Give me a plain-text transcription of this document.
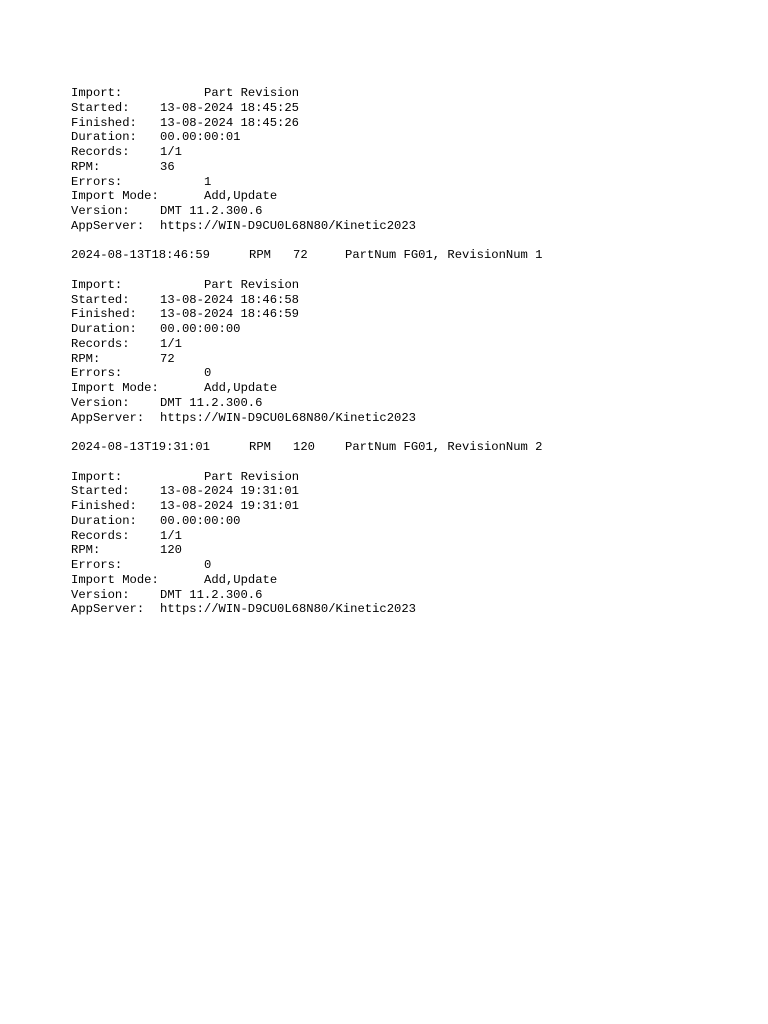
Import:	Part Revision
Started:	13-08-2024 18:45:25
Finished:	13-08-2024 18:45:26
Duration:	00.00:00:01
Records:	1/1
RPM:	36
Errors:	1
Import Mode:	Add,Update
Version:	DMT 11.2.300.6
AppServer:	https://WIN-D9CU0L68N80/Kinetic2023
2024-08-13T18:46:59	RPM	72	PartNum FG01, RevisionNum 1
Import:	Part Revision
Started:	13-08-2024 18:46:58
Finished:	13-08-2024 18:46:59
Duration:	00.00:00:00
Records:	1/1
RPM:	72
Errors:	0
Import Mode:	Add,Update
Version:	DMT 11.2.300.6
AppServer:	https://WIN-D9CU0L68N80/Kinetic2023
2024-08-13T19:31:01	RPM	120	PartNum FG01, RevisionNum 2
Import:	Part Revision
Started:	13-08-2024 19:31:01
Finished:	13-08-2024 19:31:01
Duration:	00.00:00:00
Records:	1/1
RPM:	120
Errors:	0
Import Mode:	Add,Update
Version:	DMT 11.2.300.6
AppServer:	https://WIN-D9CU0L68N80/Kinetic2023
